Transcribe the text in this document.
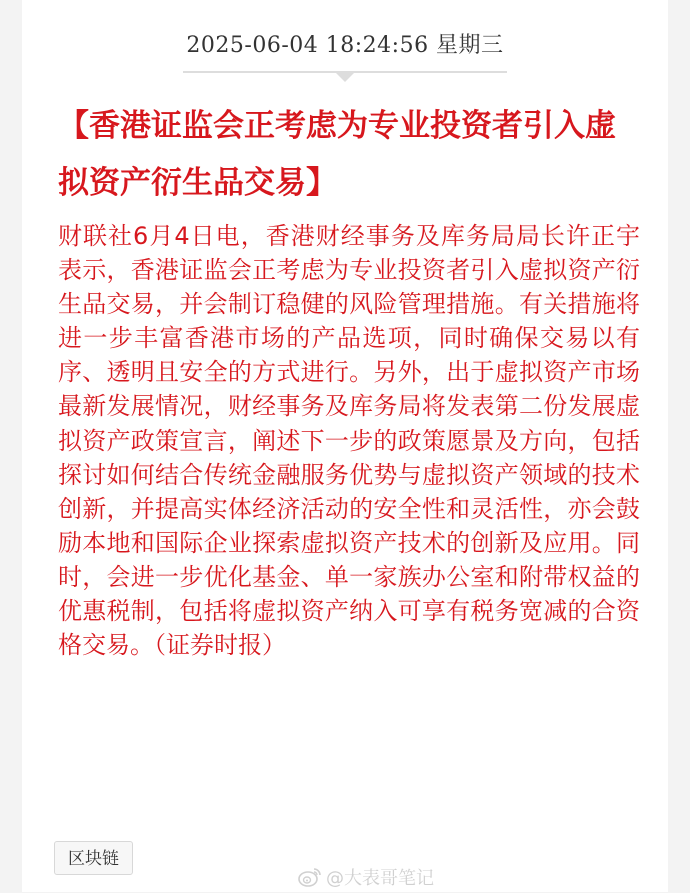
2025-06-04 18:24:56 星期三
【香港证监会正考虑为专业投资者引入虚拟资产衍生品交易】
财联社6月4日电，香港财经事务及库务局局长许正宇表示，香港证监会正考虑为专业投资者引入虚拟资产衍生品交易，并会制订稳健的风险管理措施。有关措施将进一步丰富香港市场的产品选项，同时确保交易以有序、透明且安全的方式进行。另外，出于虚拟资产市场最新发展情况，财经事务及库务局将发表第二份发展虚拟资产政策宣言，阐述下一步的政策愿景及方向，包括探讨如何结合传统金融服务优势与虚拟资产领域的技术创新，并提高实体经济活动的安全性和灵活性，亦会鼓励本地和国际企业探索虚拟资产技术的创新及应用。同时，会进一步优化基金、单一家族办公室和附带权益的优惠税制，包括将虚拟资产纳入可享有税务宽减的合资格交易。（证券时报）
区块链
@大表哥笔记
